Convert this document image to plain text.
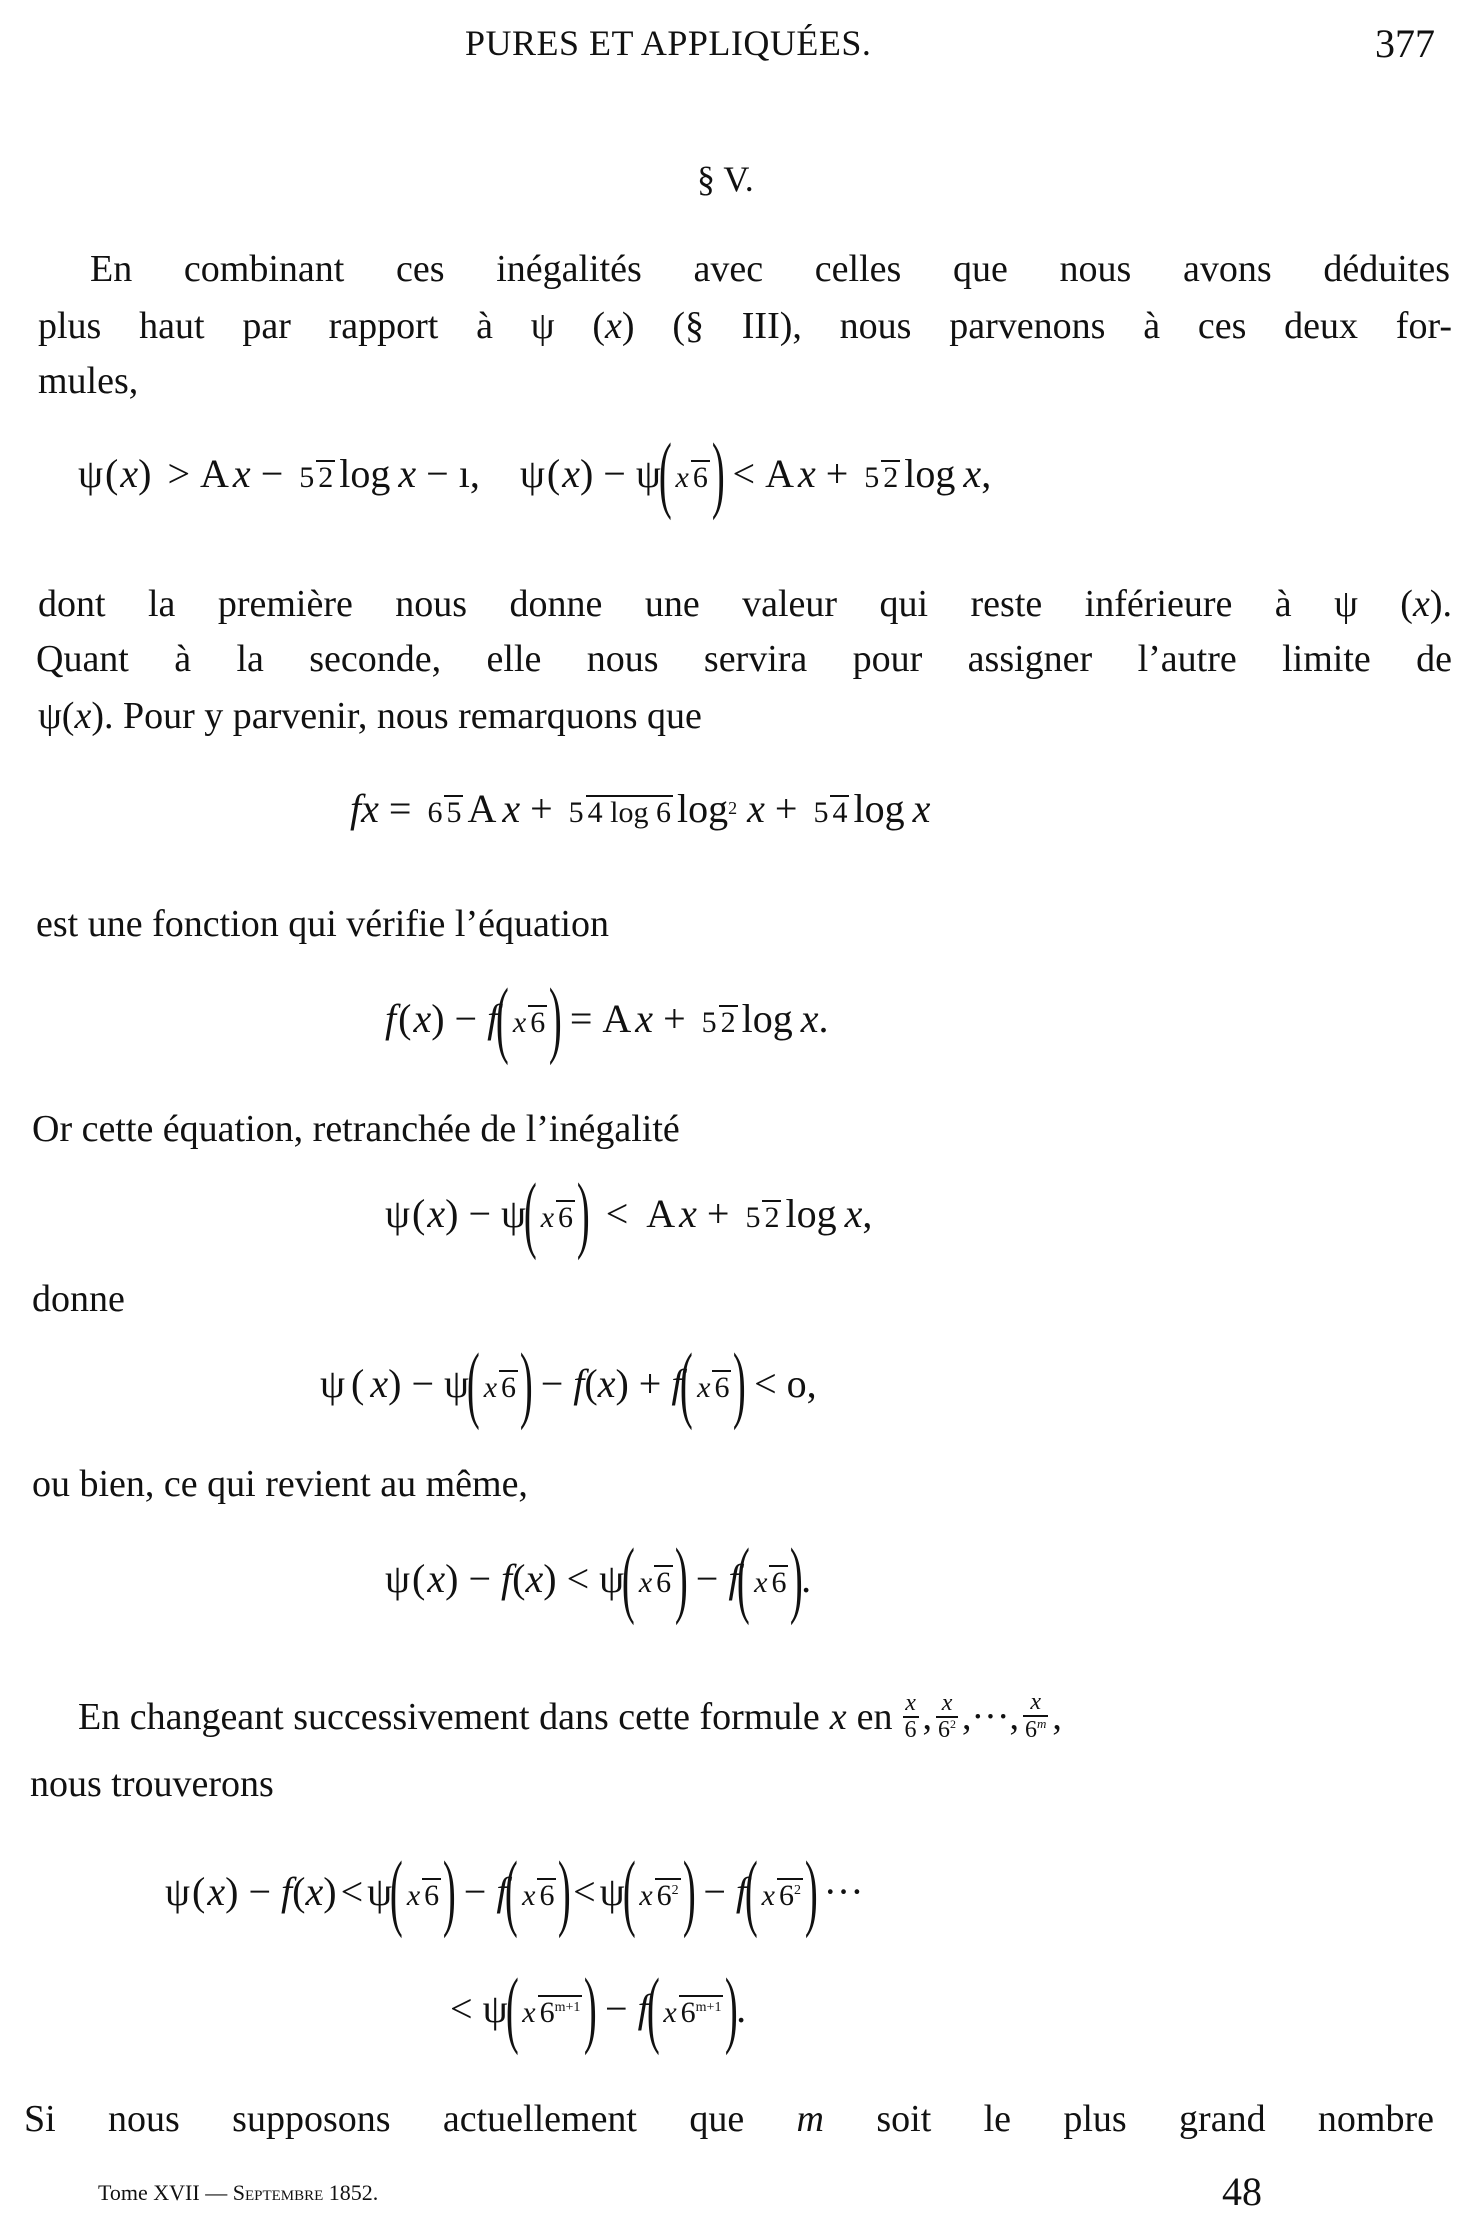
PURES ET APPLIQUÉES.	377
§ V.
En combinant ces inégalités avec celles que nous avons déduites
plus haut par rapport à ψ (x) (§ III), nous parvenons à ces deux for-
mules,
ψ ( x ) > A x − 5 2 log x − ı , ψ ( x ) − ψ
( x 6 ) < A x + 5 2 log x ,
dont la première nous donne une valeur qui reste inférieure à ψ (x).
Quant à la seconde, elle nous servira pour assigner l’autre limite de
ψ(x). Pour y parvenir, nous remarquons que
f x = 6 5 A x + 5 4 log 6 log 2 x + 5 4 log x
est une fonction qui vérifie l’équation
f ( x ) − f
( x 6 ) = A x + 5 2 log x .
Or cette équation, retranchée de l’inégalité
ψ ( x ) − ψ
( x 6 ) < A x + 5 2 log x ,
donne
ψ ( x ) − ψ
( x 6 ) − f ( x ) + f
( x 6 ) < o ,
ou bien, ce qui revient au même,
ψ ( x ) − f ( x ) < ψ
( x 6 ) − f
( x 6 )
.
En changeant successivement dans cette formule x en $\frac{x}{6}$ , $\frac{x}{6^2}$ ,···, $\frac{x}{6^m}$ ,
nous trouverons
ψ ( x ) − f ( x ) < ψ
( x 6 ) − f
( x 6 ) < ψ
( x 62 ) − f
( x 62 ) ···
< ψ
( x 6m+1 ) − f
( x 6m+1 )
.
Si nous supposons actuellement que m soit le plus grand nombre
Tome XVII — Septembre 1852.	48
